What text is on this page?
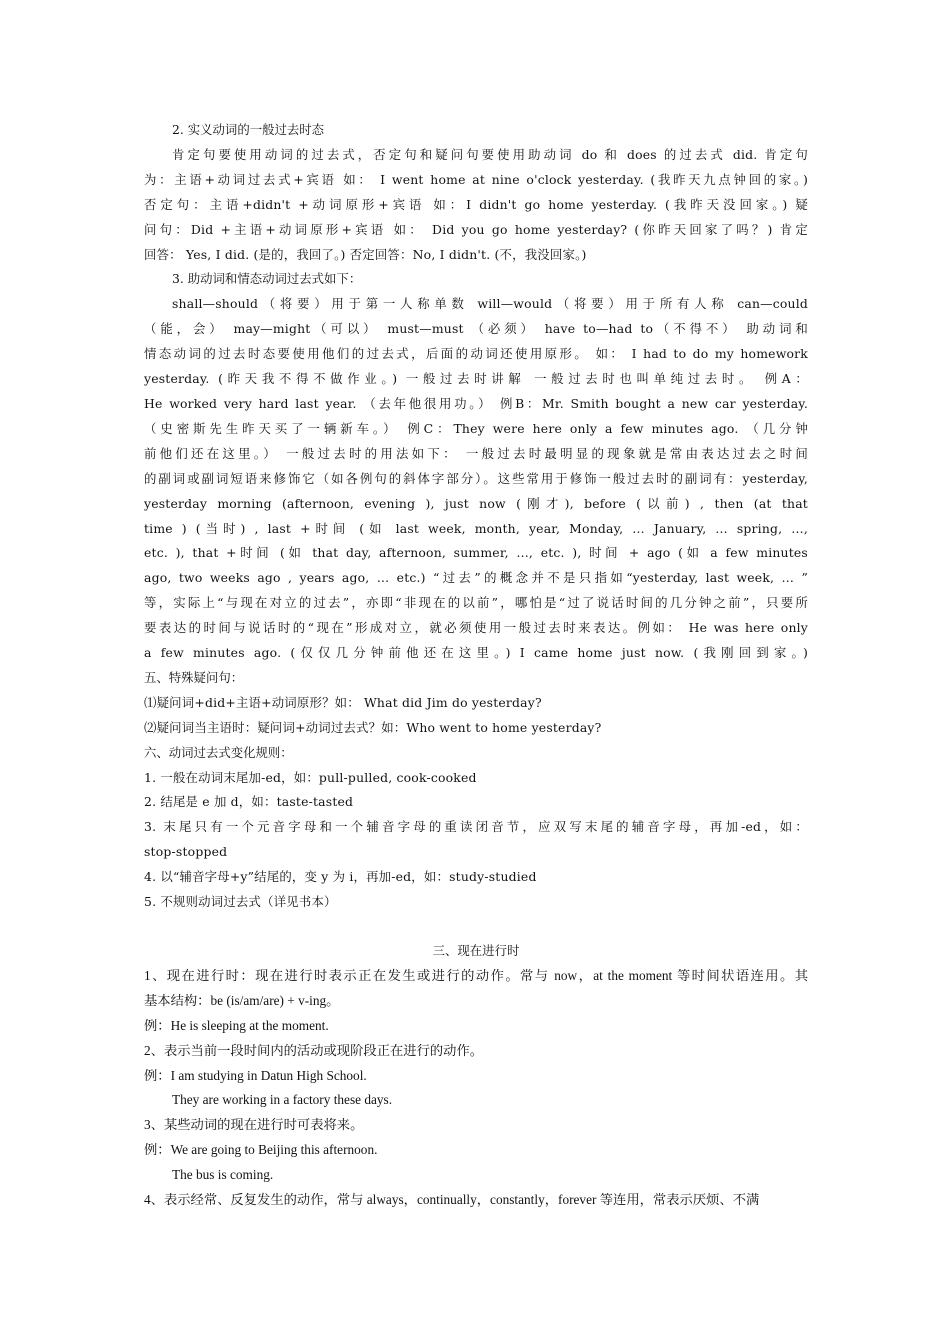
2. 实义动词的一般过去时态
肯定句要使用动词的过去式，否定句和疑问句要使用助动词 do 和 does 的过去式 did. 肯定句
为：主语+动词过去式+宾语 如： I went home at nine o'clock yesterday. (我昨天九点钟回的家。)
否定句：主语+didn't +动词原形+宾语 如：I didn't go home yesterday. (我昨天没回家。) 疑
问句：Did +主语+动词原形+宾语 如： Did you go home yesterday? (你昨天回家了吗？) 肯定
回答： Yes, I did. (是的，我回了。) 否定回答：No, I didn't. (不，我没回家。)
3. 助动词和情态动词过去式如下：
shall—should（将要）用于第一人称单数 will—would（将要）用于所有人称 can—could
（能，会） may—might（可以） must—must （必须） have to—had to（不得不） 助动词和
情态动词的过去时态要使用他们的过去式，后面的动词还使用原形。 如： I had to do my homework
yesterday. (昨天我不得不做作业。) 一般过去时讲解 一般过去时也叫单纯过去时。 例A：
He worked very hard last year. （去年他很用功。） 例B：Mr. Smith bought a new car yesterday.
（史密斯先生昨天买了一辆新车。） 例C：They were here only a few minutes ago. （几分钟
前他们还在这里。） 一般过去时的用法如下： 一般过去时最明显的现象就是常由表达过去之时间
的副词或副词短语来修饰它（如各例句的斜体字部分）。这些常用于修饰一般过去时的副词有：yesterday,
yesterday morning (afternoon, evening ), just now (刚才), before (以前) , then (at that
time ) (当时) , last +时间 (如 last week, month, year, Monday, … January, … spring, …,
etc. ), that +时间 (如 that day, afternoon, summer, …, etc. ), 时间 + ago (如 a few minutes
ago, two weeks ago , years ago, … etc.) “过去”的概念并不是只指如“yesterday, last week, … ”
等，实际上“与现在对立的过去”，亦即“非现在的以前”，哪怕是“过了说话时间的几分钟之前”，只要所
要表达的时间与说话时的“现在”形成对立，就必须使用一般过去时来表达。例如： He was here only
a few minutes ago. (仅仅几分钟前他还在这里。) I came home just now. (我刚回到家。)
五、特殊疑问句：
⑴疑问词+did+主语+动词原形？如： What did Jim do yesterday?
⑵疑问词当主语时：疑问词+动词过去式？如：Who went to home yesterday?
六、动词过去式变化规则：
1. 一般在动词末尾加-ed，如：pull-pulled, cook-cooked
2. 结尾是 e 加 d，如：taste-tasted
3. 末尾只有一个元音字母和一个辅音字母的重读闭音节，应双写末尾的辅音字母，再加-ed，如：
stop-stopped
4. 以“辅音字母+y”结尾的，变 y 为 i，再加-ed，如：study-studied
5. 不规则动词过去式（详见书本）
三、现在进行时
1、现在进行时：现在进行时表示正在发生或进行的动作。常与 now，at the moment 等时间状语连用。其
基本结构：be (is/am/are) + v-ing。
例：He is sleeping at the moment.
2、表示当前一段时间内的活动或现阶段正在进行的动作。
例：I am studying in Datun High School.
They are working in a factory these days.
3、某些动词的现在进行时可表将来。
例：We are going to Beijing this afternoon.
The bus is coming.
4、表示经常、反复发生的动作，常与 always，continually，constantly，forever 等连用，常表示厌烦、不满
